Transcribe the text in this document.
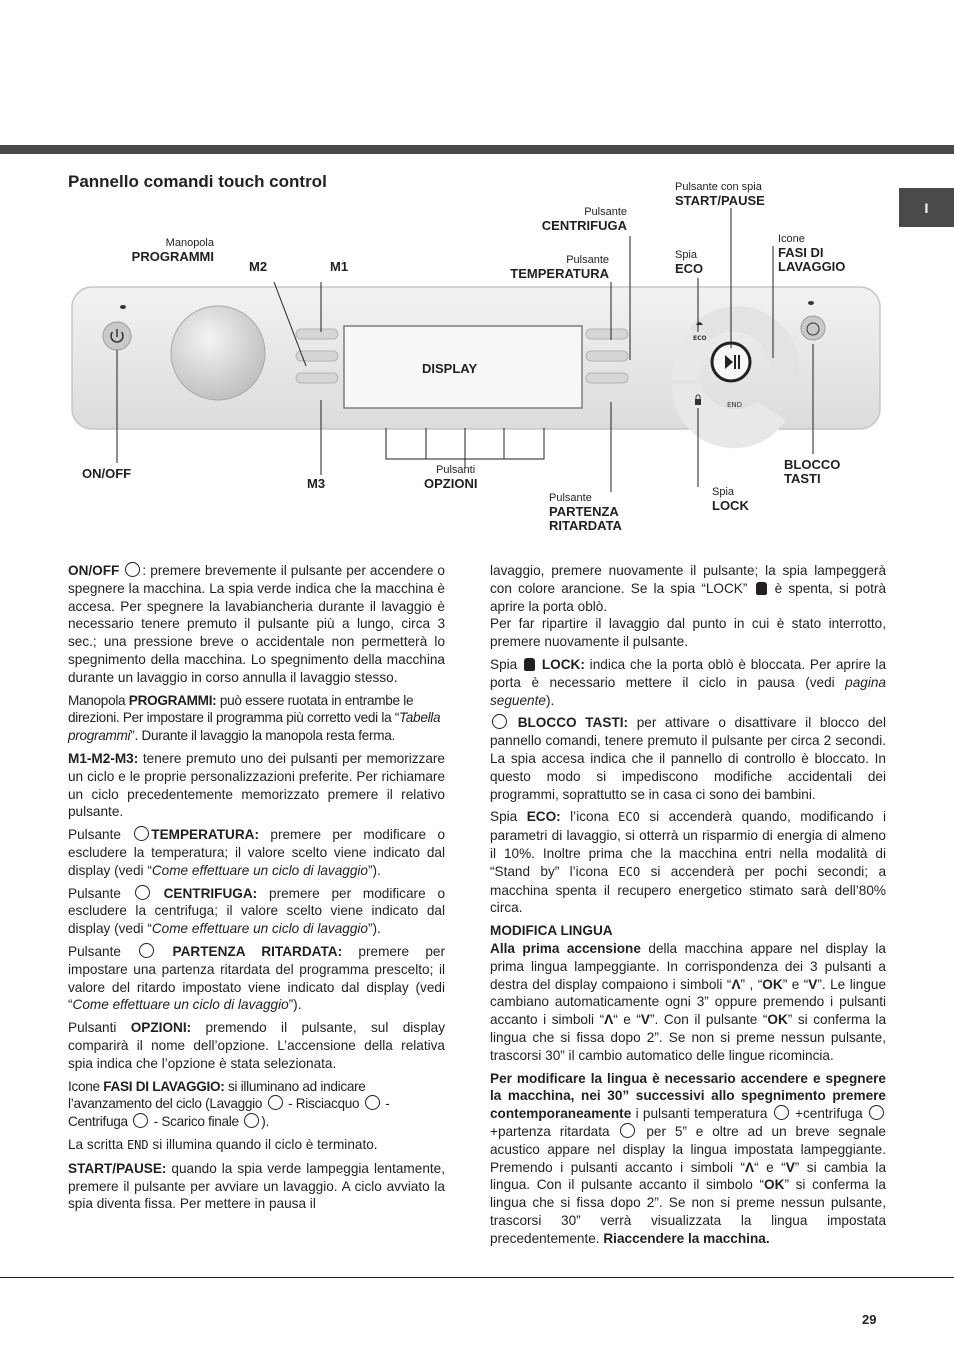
I
Pannello comandi touch control
ECO
END
Manopola
PROGRAMMI
M2	M1
M3
ON/OFF
DISPLAY
Pulsante
CENTRIFUGA
Pulsante
TEMPERATURA
Pulsanti
OPZIONI
Pulsante
PARTENZA
RITARDATA
Pulsante con spia
START/PAUSE
Spia
ECO
Icone
FASI DI
LAVAGGIO
BLOCCO
TASTI
Spia
LOCK

ON/OFF : premere brevemente il pulsante per accendere o spegnere la macchina. La spia verde indica che la macchina è accesa. Per spegnere la lavabiancheria durante il lavaggio è necessario tenere premuto il pulsante più a lungo, circa 3 sec.; una pressione breve o accidentale non permetterà lo spegnimento della macchina. Lo spegnimento della macchina durante un lavaggio in corso annulla il lavaggio stesso.

Manopola PROGRAMMI: può essere ruotata in entrambe le direzioni. Per impostare il programma più corretto vedi la “Tabella programmi”. Durante il lavaggio la manopola resta ferma.

M1-M2-M3: tenere premuto uno dei pulsanti per memorizzare un ciclo e le proprie personalizzazioni preferite. Per richiamare un ciclo precedentemente memorizzato premere il relativo pulsante.

Pulsante TEMPERATURA: premere per modificare o escludere la temperatura; il valore scelto viene indicato dal display (vedi “Come effettuare un ciclo di lavaggio”).

Pulsante  CENTRIFUGA: premere per modificare o escludere la centrifuga; il valore scelto viene indicato dal display (vedi “Come effettuare un ciclo di lavaggio”).

Pulsante	PARTENZA RITARDATA: premere per impostare una partenza ritardata del programma prescelto; il valore del ritardo impostato viene indicato dal display (vedi “Come effettuare un ciclo di lavaggio”).

Pulsanti OPZIONI: premendo il pulsante, sul display comparirà il nome dell’opzione. L’accensione della relativa spia indica che l’opzione è stata selezionata.

Icone FASI DI LAVAGGIO: si illuminano ad indicare l’avanzamento del ciclo (Lavaggio  - Risciacquo  - Centrifuga  - Scarico finale ).

La scritta END si illumina quando il ciclo è terminato.

START/PAUSE: quando la spia verde lampeggia lentamente, premere il pulsante per avviare un lavaggio. A ciclo avviato la spia diventa fissa. Per mettere in pausa il

lavaggio, premere nuovamente il pulsante; la spia lampeggerà con colore arancione. Se la spia “LOCK”  è spenta, si potrà aprire la porta oblò.

Per far ripartire il lavaggio dal punto in cui è stato interrotto, premere nuovamente il pulsante.

Spia  LOCK: indica che la porta oblò è bloccata. Per aprire la porta è necessario mettere il ciclo in pausa (vedi pagina seguente).

BLOCCO TASTI: per attivare o disattivare il blocco del pannello comandi, tenere premuto il pulsante per circa 2 secondi. La spia accesa indica che il pannello di controllo è bloccato. In questo modo si impediscono modifiche accidentali dei programmi, soprattutto se in casa ci sono dei bambini.

Spia ECO: l’icona ECO si accenderà quando, modificando i parametri di lavaggio, si otterrà un risparmio di energia di almeno il 10%. Inoltre prima che la macchina entri nella modalità di “Stand by” l’icona ECO si accenderà per pochi secondi; a macchina spenta il recupero energetico stimato sarà dell’80% circa.

MODIFICA LINGUA

Alla prima accensione della macchina appare nel display la prima lingua lampeggiante. In corrispondenza dei 3 pulsanti a destra del display compaiono i simboli “Λ” , “OK” e “V”. Le lingue cambiano automaticamente ogni 3” oppure premendo i pulsanti accanto i simboli “Λ“ e “V”. Con il pulsante “OK” si conferma la lingua che si fissa dopo 2”. Se non si preme nessun pulsante, trascorsi 30” il cambio automatico delle lingue ricomincia.

Per modificare la lingua è necessario accendere e spegnere la macchina, nei 30” successivi allo spegnimento premere contemporaneamente i pulsanti temperatura  +centrifuga +partenza ritardata  per 5” e oltre ad un breve segnale acustico appare nel display la lingua impostata lampeggiante. Premendo i pulsanti accanto i simboli “Λ“ e “V” si cambia la lingua. Con il pulsante accanto il simbolo “OK” si conferma la lingua che si fissa dopo 2”. Se non si preme nessun pulsante, trascorsi 30” verrà visualizzata la lingua impostata precedentemente. Riaccendere la macchina.

29
